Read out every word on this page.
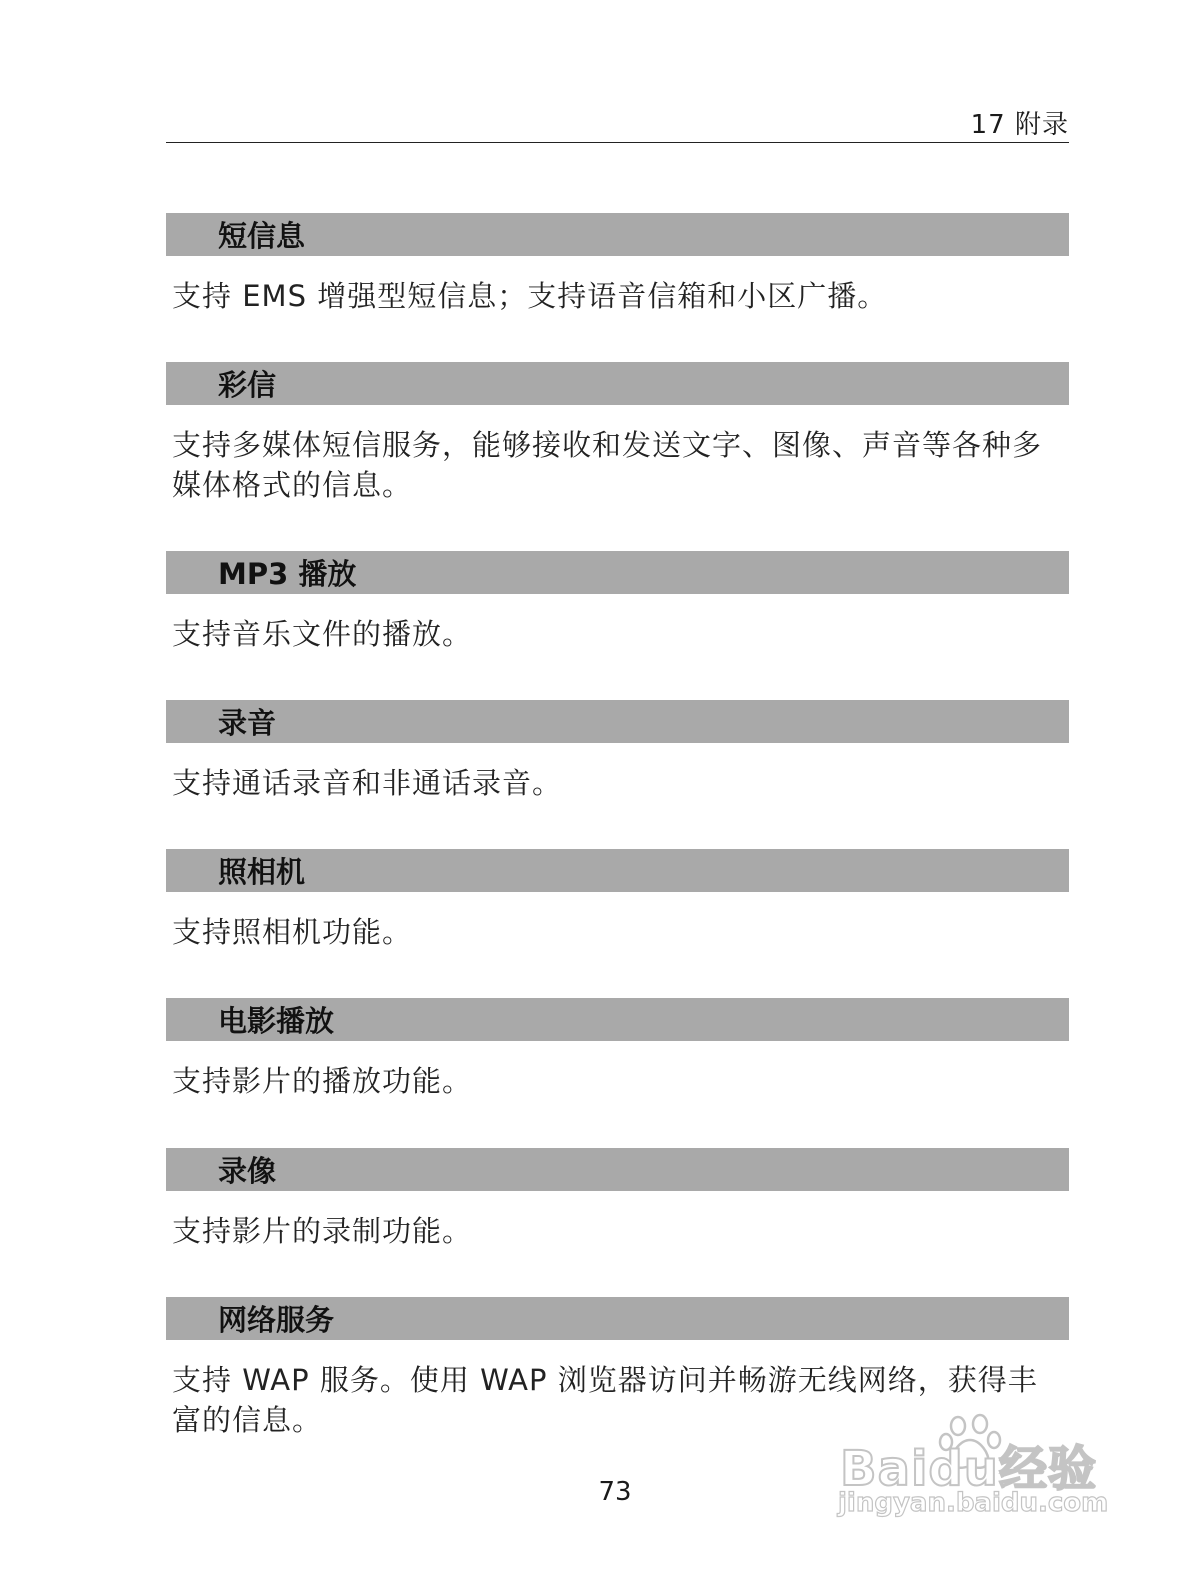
17 附录
短信息
支持 EMS 增强型短信息；支持语音信箱和小区广播。
彩信
支持多媒体短信服务，能够接收和发送文字、图像、声音等各种多媒体格式的信息。
MP3 播放
支持音乐文件的播放。
录音
支持通话录音和非通话录音。
照相机
支持照相机功能。
电影播放
支持影片的播放功能。
录像
支持影片的录制功能。
网络服务
支持 WAP 服务。使用 WAP 浏览器访问并畅游无线网络，获得丰富的信息。
73	Baidu经验
jingyan.baidu.com
